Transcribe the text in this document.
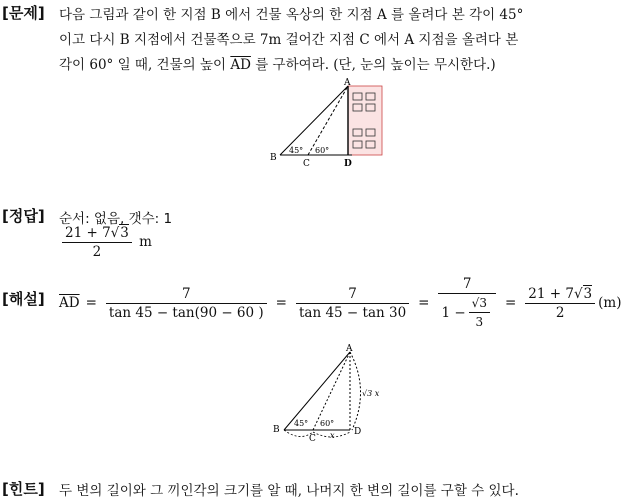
[문제] 다음 그림과 같이 한 지점 B 에서 건물 옥상의 한 지점 A 를 올려다 본 각이 45°
이고 다시 B 지점에서 건물쪽으로 7m 걸어간 지점 C 에서 A 지점을 올려다 본
각이 60° 일 때, 건물의 높이 $\overline{AD}$ 를 구하여라. (단, 눈의 높이는 무시한다.)
A
B
C	D
45° 60°
A
B
C
D
45° 60°
√3 x
x
[정답] 순서: 없음, 갯수: 1
$\frac{21 + 7√3}{2}$ m
[해설] $\overline{AD} = \frac{7}{\tan 45 - \tan(90 - 60 )} = \frac{7}{\tan 45 - \tan 30} = \frac{7}{1 - \frac{√3}{3}} = \frac{21 + 7√3}{2} (m)$
[힌트] 두 변의 길이와 그 끼인각의 크기를 알 때, 나머지 한 변의 길이를 구할 수 있다.
